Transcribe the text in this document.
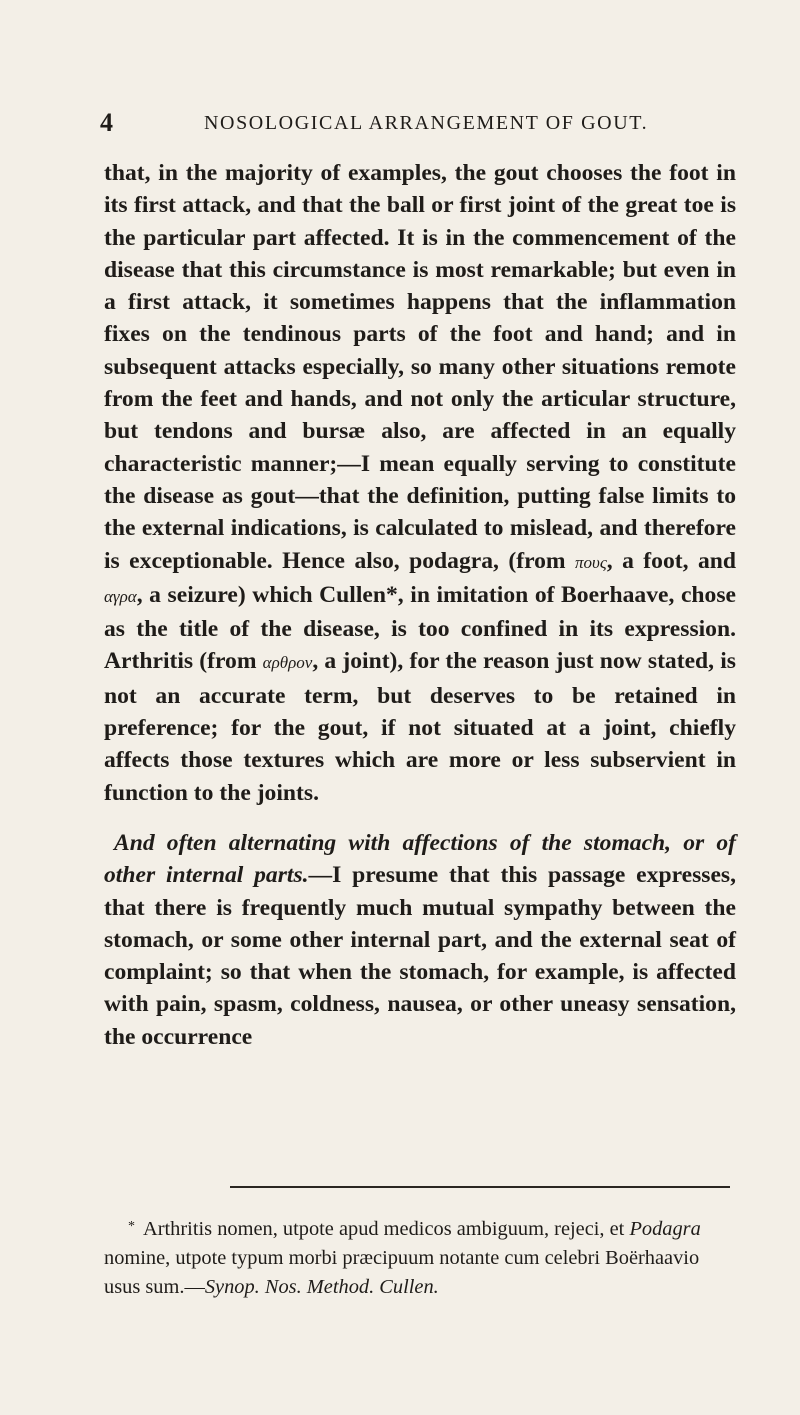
4	NOSOLOGICAL ARRANGEMENT OF GOUT.

that, in the majority of examples, the gout chooses the foot in its first attack, and that the ball or first joint of the great toe is the particular part affected. It is in the commencement of the disease that this circumstance is most remarkable; but even in a first attack, it sometimes happens that the inflammation fixes on the tendinous parts of the foot and hand; and in subsequent attacks especially, so many other situations remote from the feet and hands, and not only the articular structure, but tendons and bursæ also, are affected in an equally characteristic manner;—I mean equally serving to constitute the disease as gout—that the definition, putting false limits to the external indications, is calculated to mislead, and therefore is exceptionable. Hence also, podagra, (from πους, a foot, and αγρα, a seizure) which Cullen*, in imitation of Boerhaave, chose as the title of the disease, is too confined in its expression. Arthritis (from αρθρον, a joint), for the reason just now stated, is not an accurate term, but deserves to be retained in preference; for the gout, if not situated at a joint, chiefly affects those textures which are more or less subservient in function to the joints.

And often alternating with affections of the stomach, or of other internal parts.—I presume that this passage expresses, that there is frequently much mutual sympathy between the stomach, or some other internal part, and the external seat of complaint; so that when the stomach, for example, is affected with pain, spasm, coldness, nausea, or other uneasy sensation, the occurrence

* Arthritis nomen, utpote apud medicos ambiguum, rejeci, et Podagra nomine, utpote typum morbi præcipuum notante cum celebri Boërhaavio usus sum.—Synop. Nos. Method. Cullen.
